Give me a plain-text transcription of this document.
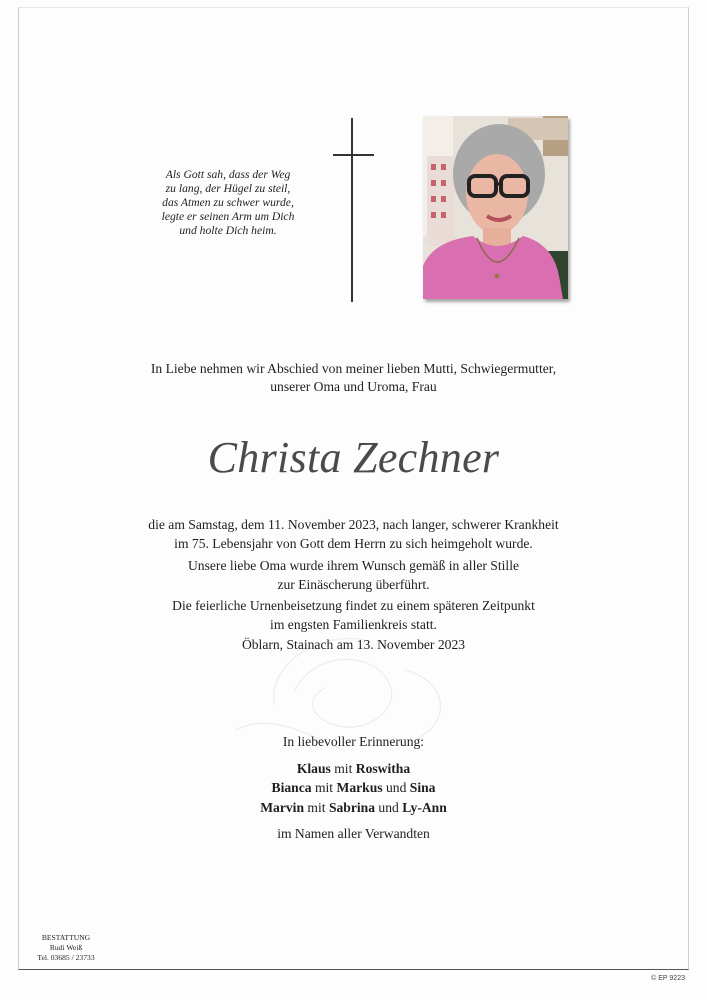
Als Gott sah, dass der Weg
zu lang, der Hügel zu steil,
das Atmen zu schwer wurde,
legte er seinen Arm um Dich
und holte Dich heim.
In Liebe nehmen wir Abschied von meiner lieben Mutti, Schwiegermutter,
unserer Oma und Uroma, Frau
Christa Zechner
die am Samstag, dem 11. November 2023, nach langer, schwerer Krankheit
im 75. Lebensjahr von Gott dem Herrn zu sich heimgeholt wurde.
Unsere liebe Oma wurde ihrem Wunsch gemäß in aller Stille
zur Einäscherung überführt.
Die feierliche Urnenbeisetzung findet zu einem späteren Zeitpunkt
im engsten Familienkreis statt.
Öblarn, Stainach am 13. November 2023
In liebevoller Erinnerung:
Klaus mit Roswitha
Bianca mit Markus und Sina
Marvin mit Sabrina und Ly-Ann
im Namen aller Verwandten
BESTATTUNG
Rudi Weiß
Tel. 03685 / 23733
© EP 9223
